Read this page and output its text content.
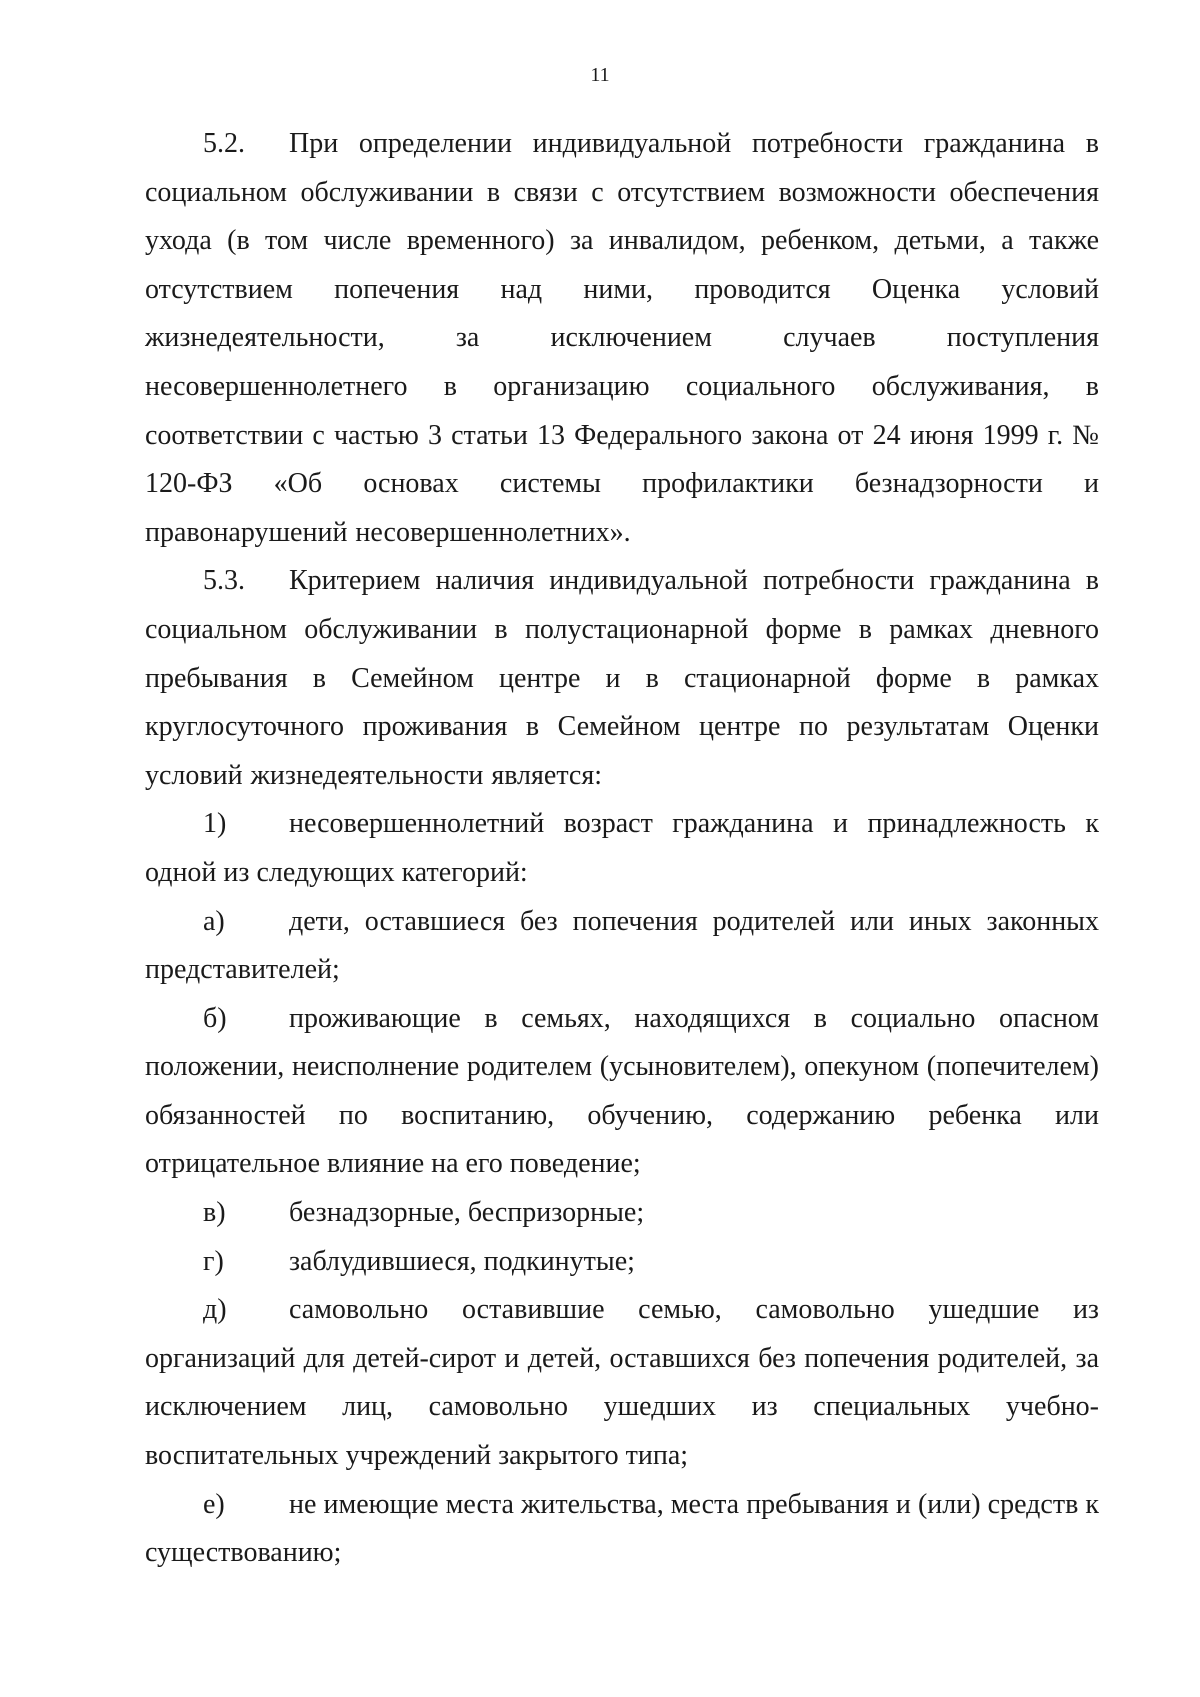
11

5.2. При определении индивидуальной потребности гражданина в социальном обслуживании в связи с отсутствием возможности обеспечения ухода (в том числе временного) за инвалидом, ребенком, детьми, а также отсутствием попечения над ними, проводится Оценка условий жизнедеятельности, за исключением случаев поступления несовершеннолетнего в организацию социального обслуживания, в соответствии с частью 3 статьи 13 Федерального закона от 24 июня 1999 г. № 120-ФЗ «Об основах системы профилактики безнадзорности и правонарушений несовершеннолетних».

5.3. Критерием наличия индивидуальной потребности гражданина в социальном обслуживании в полустационарной форме в рамках дневного пребывания в Семейном центре и в стационарной форме в рамках круглосуточного проживания в Семейном центре по результатам Оценки условий жизнедеятельности является:

1) несовершеннолетний возраст гражданина и принадлежность к одной из следующих категорий:

а) дети, оставшиеся без попечения родителей или иных законных представителей;

б) проживающие в семьях, находящихся в социально опасном положении, неисполнение родителем (усыновителем), опекуном (попечителем) обязанностей по воспитанию, обучению, содержанию ребенка или отрицательное влияние на его поведение;

в) безнадзорные, беспризорные;

г) заблудившиеся, подкинутые;

д) самовольно оставившие семью, самовольно ушедшие из организаций для детей-сирот и детей, оставшихся без попечения родителей, за исключением лиц, самовольно ушедших из специальных учебно-воспитательных учреждений закрытого типа;

е) не имеющие места жительства, места пребывания и (или) средств к существованию;
